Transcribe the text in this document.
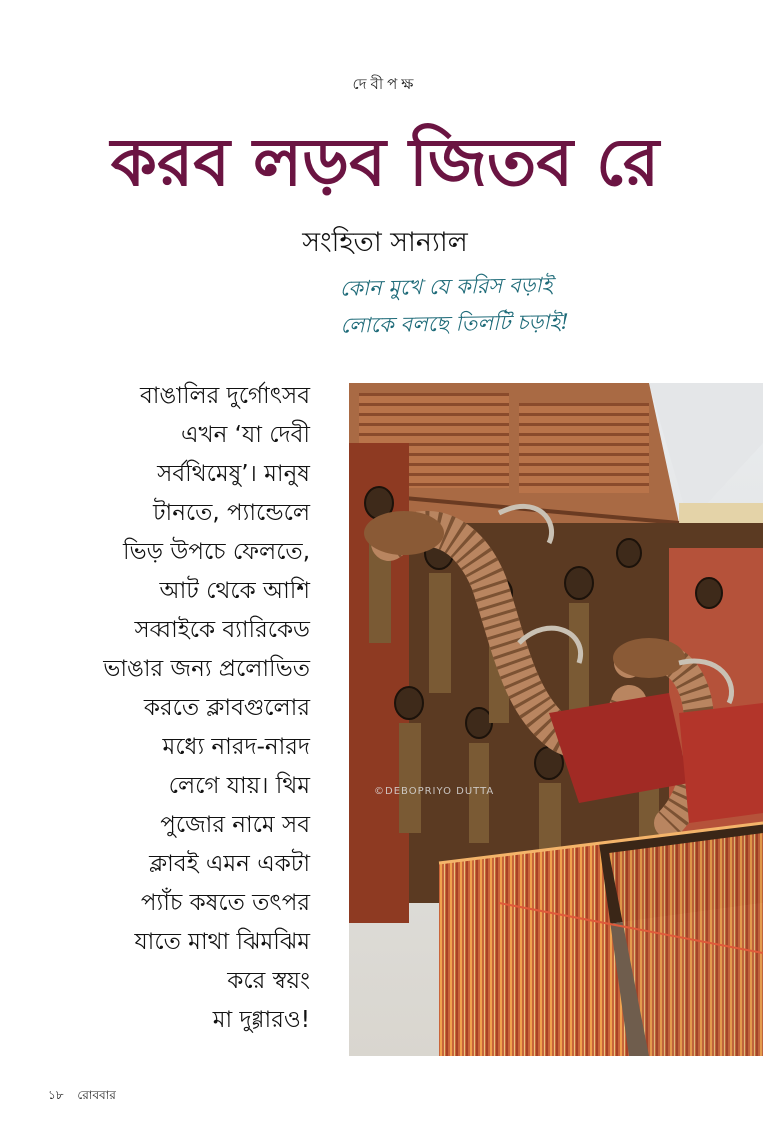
দেবীপক্ষ
করব লড়ব জিতব রে
সংহিতা সান্যাল
কোন মুখে যে করিস বড়াই
লোকে বলছে তিলটি চড়াই!
বাঙালির দুর্গোৎসব
এখন ‘যা দেবী
সর্বথিমেষু’। মানুষ
টানতে, প্যান্ডেলে
ভিড় উপচে ফেলতে,
আট থেকে আশি
সব্বাইকে ব্যারিকেড
ভাঙার জন্য প্রলোভিত
করতে ক্লাবগুলোর
মধ্যে নারদ-নারদ
লেগে যায়। থিম
পুজোর নামে সব
ক্লাবই এমন একটা
প্যাঁচ কষতে তৎপর
যাতে মাথা ঝিমঝিম
করে স্বয়ং
মা দুগ্গারও!
©DEBOPRIYO DUTTA
১৮ রোববার
